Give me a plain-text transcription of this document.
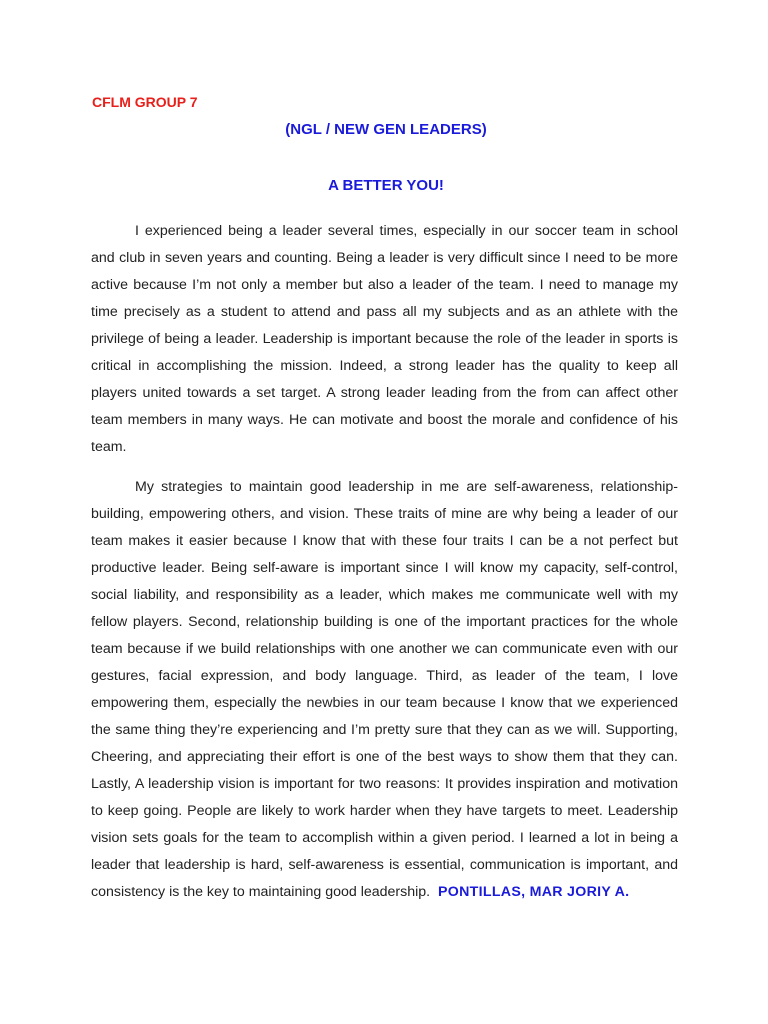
CFLM GROUP 7

(NGL / NEW GEN LEADERS)

A BETTER YOU!

I experienced being a leader several times, especially in our soccer team in school and club in seven years and counting. Being a leader is very difficult since I need to be more active because I’m not only a member but also a leader of the team. I need to manage my time precisely as a student to attend and pass all my subjects and as an athlete with the privilege of being a leader. Leadership is important because the role of the leader in sports is critical in accomplishing the mission. Indeed, a strong leader has the quality to keep all players united towards a set target. A strong leader leading from the from can affect other team members in many ways. He can motivate and boost the morale and confidence of his team.

My strategies to maintain good leadership in me are self-awareness, relationship-building, empowering others, and vision. These traits of mine are why being a leader of our team makes it easier because I know that with these four traits I can be a not perfect but productive leader. Being self-aware is important since I will know my capacity, self-control, social liability, and responsibility as a leader, which makes me communicate well with my fellow players. Second, relationship building is one of the important practices for the whole team because if we build relationships with one another we can communicate even with our gestures, facial expression, and body language. Third, as leader of the team, I love empowering them, especially the newbies in our team because I know that we experienced the same thing they’re experiencing and I’m pretty sure that they can as we will. Supporting, Cheering, and appreciating their effort is one of the best ways to show them that they can. Lastly, A leadership vision is important for two reasons: It provides inspiration and motivation to keep going. People are likely to work harder when they have targets to meet. Leadership vision sets goals for the team to accomplish within a given period. I learned a lot in being a leader that leadership is hard, self-awareness is essential, communication is important, and consistency is the key to maintaining good leadership. PONTILLAS, MAR JORIY A.
